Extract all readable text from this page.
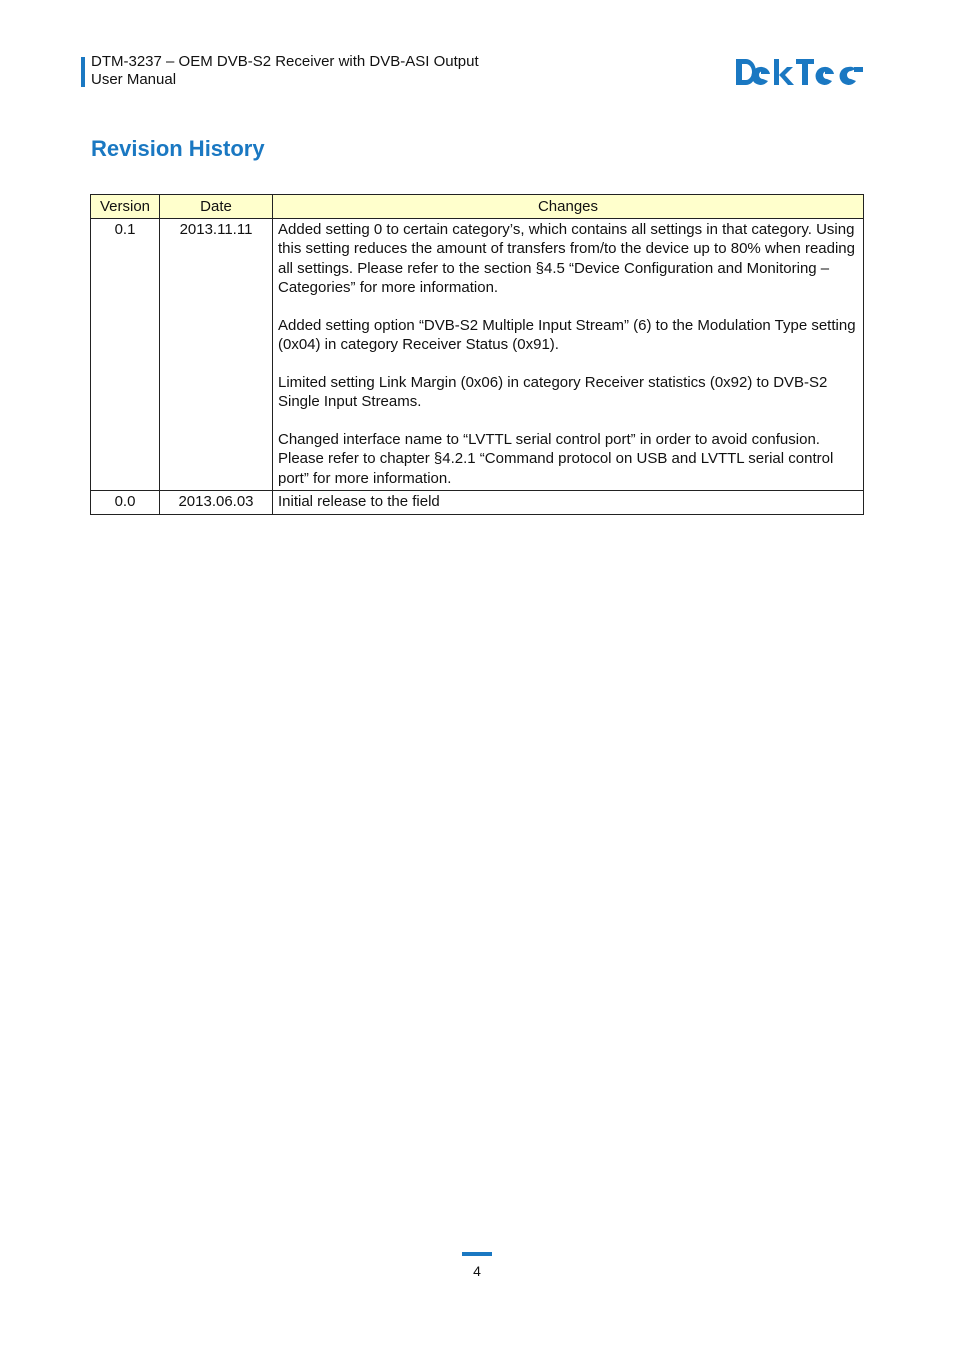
DTM-3237 – OEM DVB-S2 Receiver with DVB-ASI Output
User Manual
Revision History
Version	Date	Changes
0.1	2013.11.11	Added setting 0 to certain category’s, which contains all settings in that category. Using this setting reduces the amount of transfers from/to the device up to 80% when reading all settings. Please refer to the section §4.5 “Device Configuration and Monitoring – Categories” for more information.

Added setting option “DVB-S2 Multiple Input Stream” (6) to the Modulation Type setting (0x04) in category Receiver Status (0x91).

Limited setting Link Margin (0x06) in category Receiver statistics (0x92) to DVB-S2 Single Input Streams.

Changed interface name to “LVTTL serial control port” in order to avoid confusion. Please refer to chapter §4.2.1 “Command protocol on USB and LVTTL serial control port” for more information.

0.0	2013.06.03	Initial release to the field

4
